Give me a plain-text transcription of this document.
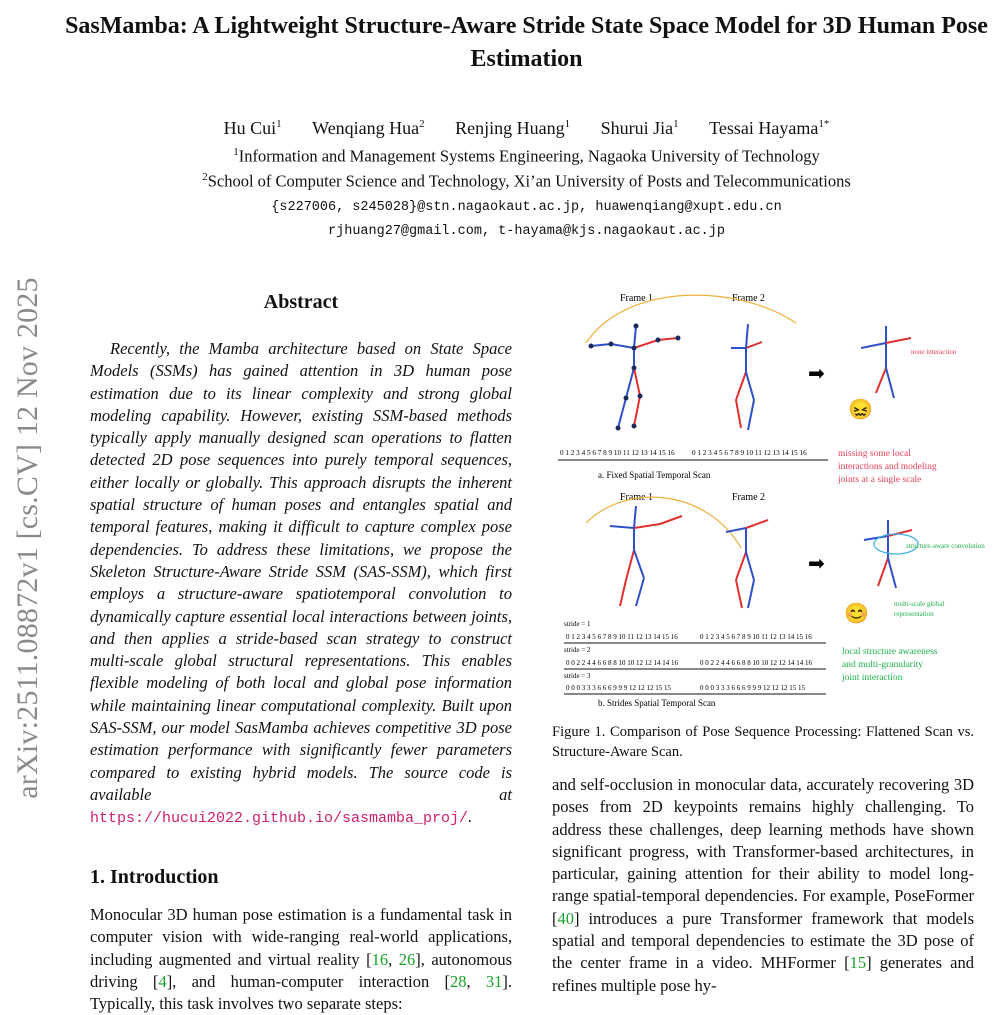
arXiv:2511.08872v1 [cs.CV] 12 Nov 2025
SasMamba: A Lightweight Structure-Aware Stride State Space Model for 3D Human Pose Estimation
Hu Cui$^1$ Wenqiang Hua$^2$ Renjing Huang$^1$ Shurui Jia$^1$ Tessai Hayama$^{1*}$
$^1$Information and Management Systems Engineering, Nagaoka University of Technology
$^2$School of Computer Science and Technology, Xi’an University of Posts and Telecommunications
{s227006, s245028}@stn.nagaokaut.ac.jp, huawenqiang@xupt.edu.cn
rjhuang27@gmail.com, t-hayama@kjs.nagaokaut.ac.jp
Abstract

Recently, the Mamba architecture based on State Space Models (SSMs) has gained attention in 3D human pose estimation due to its linear complexity and strong global modeling capability. However, existing SSM-based methods typically apply manually designed scan operations to flatten detected 2D pose sequences into purely temporal sequences, either locally or globally. This approach disrupts the inherent spatial structure of human poses and entangles spatial and temporal features, making it difficult to capture complex pose dependencies. To address these limitations, we propose the Skeleton Structure-Aware Stride SSM (SAS-SSM), which first employs a structure-aware spatiotemporal convolution to dynamically capture essential local interactions between joints, and then applies a stride-based scan strategy to construct multi-scale global structural representations. This enables flexible modeling of both local and global pose information while maintaining linear computational complexity. Built upon SAS-SSM, our model SasMamba achieves competitive 3D pose estimation performance with significantly fewer parameters compared to existing hybrid models. The source code is available at https://hucui2022.github.io/sasmamba_proj/.

1. Introduction

Monocular 3D human pose estimation is a fundamental task in computer vision with wide-ranging real-world applications, including augmented and virtual reality [16, 26], autonomous driving [4], and human-computer interaction [28, 31]. Typically, this task involves two separate steps:

Frame 1	Frame 2
➡
none interaction
😖
missing some local
interactions and modeling
joints at a single scale
0 1 2 3 4 5 6 7 8 9 10 11 12 13 14 15 16 0 1 2 3 4 5 6 7 8 9 10 11 12 13 14 15 16
a. Fixed Spatial Temporal Scan
Frame 1	Frame 2
➡
structure-aware convolution
multi-scale global
representation
😊
local structure awareness
and multi-granularity
joint interaction
stride = 1
0 1 2 3 4 5 6 7 8 9 10 11 12 13 14 15 16	0 1 2 3 4 5 6 7 8 9 10 11 12 13 14 15 16
stride = 2
0 0 2 2 4 4 6 6 8 8 10 10 12 12 14 14 16	0 0 2 2 4 4 6 6 8 8 10 10 12 12 14 14 16
stride = 3
0 0 0 3 3 3 6 6 6 9 9 9 12 12 12 15 15	0 0 0 3 3 3 6 6 6 9 9 9 12 12 12 15 15
b. Strides Spatial Temporal Scan

Figure 1. Comparison of Pose Sequence Processing: Flattened Scan vs. Structure-Aware Scan.

and self-occlusion in monocular data, accurately recovering 3D poses from 2D keypoints remains highly challenging. To address these challenges, deep learning methods have shown significant progress, with Transformer-based architectures, in particular, gaining attention for their ability to model long-range spatial-temporal dependencies. For example, PoseFormer [40] introduces a pure Transformer framework that models spatial and temporal dependencies to estimate the 3D pose of the center frame in a video. MHFormer [15] generates and refines multiple pose hy-
